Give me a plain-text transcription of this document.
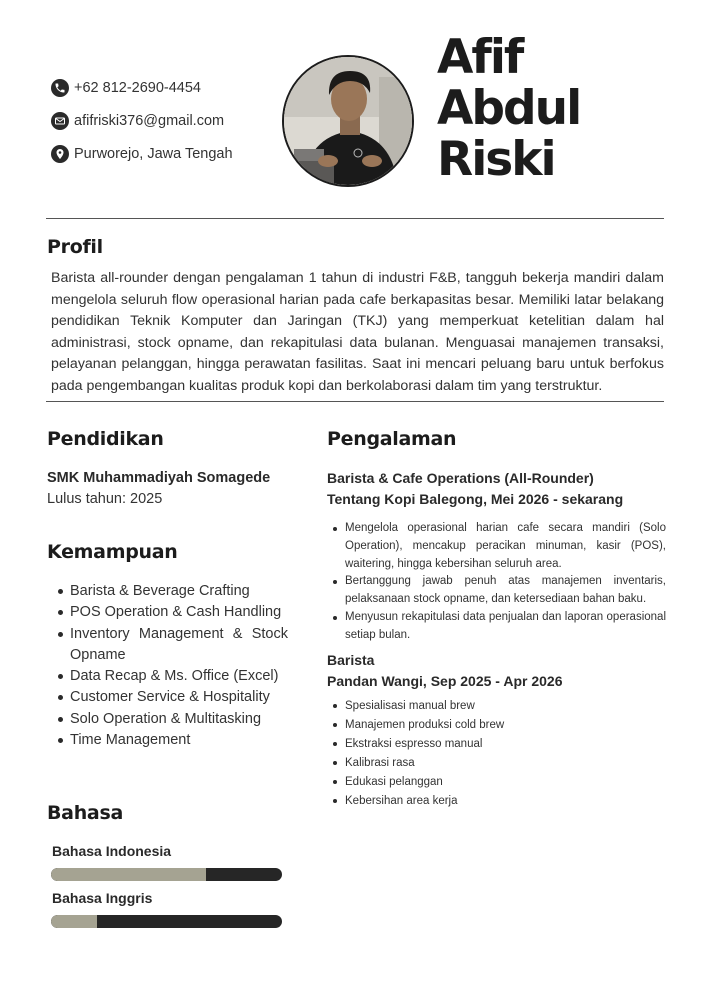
+62 812-2690-4454
afifriski376@gmail.com
Purworejo, Jawa Tengah
Afif
Abdul
Riski
Profil
Barista all-rounder dengan pengalaman 1 tahun di industri F&B, tangguh bekerja mandiri dalam mengelola seluruh flow operasional harian pada cafe berkapasitas besar. Memiliki latar belakang pendidikan Teknik Komputer dan Jaringan (TKJ) yang memperkuat ketelitian dalam hal administrasi, stock opname, dan rekapitulasi data bulanan. Menguasai manajemen transaksi, pelayanan pelanggan, hingga perawatan fasilitas. Saat ini mencari peluang baru untuk berfokus pada pengembangan kualitas produk kopi dan berkolaborasi dalam tim yang terstruktur.
Pendidikan
SMK Muhammadiyah Somagede
Lulus tahun: 2025
Kemampuan
Barista & Beverage Crafting
POS Operation & Cash Handling
Inventory Management & Stock Opname
Data Recap & Ms. Office (Excel)
Customer Service & Hospitality
Solo Operation & Multitasking
Time Management
Bahasa
Bahasa Indonesia
Bahasa Inggris
Pengalaman
Barista & Cafe Operations (All-Rounder)
Tentang Kopi Balegong, Mei 2026 - sekarang
Mengelola operasional harian cafe secara mandiri (Solo Operation), mencakup peracikan minuman, kasir (POS), waitering, hingga kebersihan seluruh area.
Bertanggung jawab penuh atas manajemen inventaris, pelaksanaan stock opname, dan ketersediaan bahan baku.
Menyusun rekapitulasi data penjualan dan laporan operasional setiap bulan.
Barista
Pandan Wangi, Sep 2025 - Apr 2026
Spesialisasi manual brew
Manajemen produksi cold brew
Ekstraksi espresso manual
Kalibrasi rasa
Edukasi pelanggan
Kebersihan area kerja
